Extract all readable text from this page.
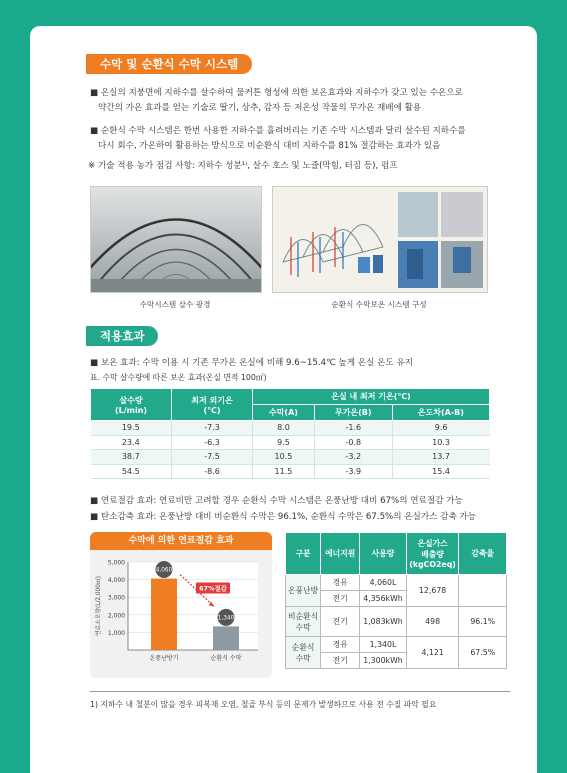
수막 및 순환식 수막 시스템
■ 온실의 지붕면에 지하수를 살수하여 물커튼 형성에 의한 보온효과와 지하수가 갖고 있는 수온으로
약간의 가온 효과를 얻는 기술로 딸기, 상추, 감자 등 저온성 작물의 무가온 재배에 활용
■ 순환식 수막 시스템은 한번 사용한 지하수를 흘려버리는 기존 수막 시스템과 달리 살수된 지하수를
다시 회수, 가온하여 활용하는 방식으로 비순환식 대비 지하수를 81% 절감하는 효과가 있음
※ 기술 적용 농가 점검 사항: 지하수 성분¹⁾, 살수 호스 및 노즐(막힘, 터짐 등), 펌프
수막시스템 살수 광경	순환식 수막보온 시스템 구성
적용효과
■ 보온 효과: 수막 이용 시 기존 무가온 온실에 비해 9.6~15.4℃ 높게 온실 온도 유지
표. 수막 살수량에 따른 보온 효과(온실 면적 100㎡)
살수량
(L/min)	최저 외기온
(℃)	온실 내 최저 기온(℃)		
		수막(A)	무가온(B)	온도차(A-B)
19.5	-7.3	8.0	-1.6	9.6
23.4	-6.3	9.5	-0.8	10.3
38.7	-7.5	10.5	-3.2	13.7
54.5	-8.6	11.5	-3.9	15.4
■ 연료절감 효과: 연료비만 고려할 경우 순환식 수막 시스템은 온풍난방 대비 67%의 연료절감 가능
■ 탄소감축 효과: 온풍난방 대비 비순환식 수막은 96.1%, 순환식 수막은 67.5%의 온실가스 감축 가능
수막에 의한 연료절감 효과
1,000
2,000
3,000
4,000
5,000
연료소모량(L/2,000㎡)
4,060
온풍난방기
1,340
순환식 수막
67%절감
구분	에너지원	사용량	온실가스
배출량
(kgCO2eq)	감축율
온풍난방	경유	4,060L	12,678	
	전기	4,356kWh		
비순환식
수막	전기	1,083kWh	498	96.1%
순환식
수막	경유	1,340L	4,121	67.5%
	전기	1,300kWh		
1) 지하수 내 철분이 많을 경우 피복재 오염, 철골 부식 등의 문제가 발생하므로 사용 전 수질 파악 필요
